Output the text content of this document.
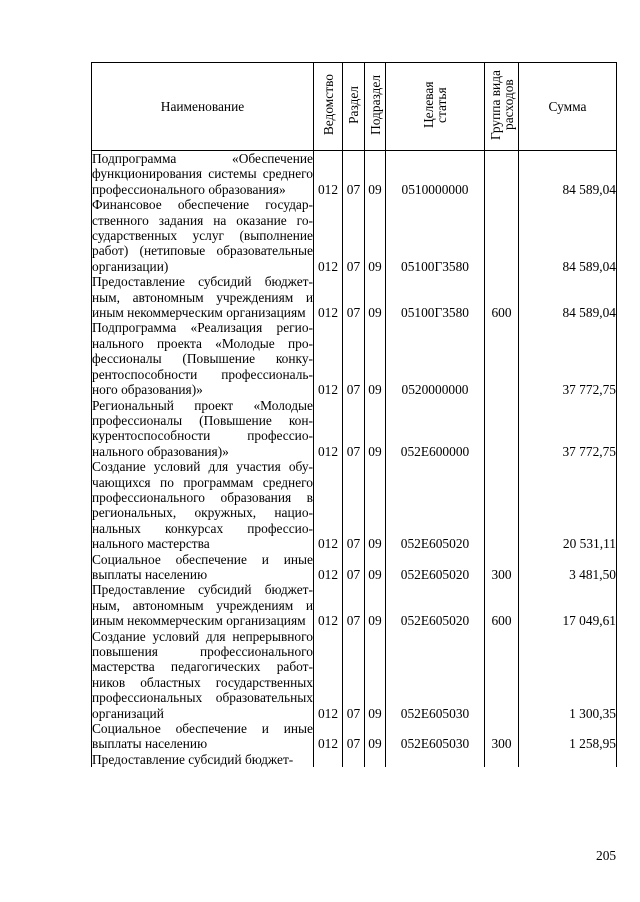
Наименование	Ведомство	Раздел	Подраздел	Целевая статья	Группа вида расходов	Сумма
Подпрограмма «Обеспечение функционирования системы среднего профессионального образования»	012	07	09	0510000000		84 589,04
Финансовое обеспечение государственного задания на оказание государственных услуг (выполнение работ) (нетиповые образовательные организации)	012	07	09	05100Г3580		84 589,04
Предоставление субсидий бюджетным, автономным учреждениям и иным некоммерческим организациям	012	07	09	05100Г3580	600	84 589,04
Подпрограмма «Реализация регионального проекта «Молодые профессионалы (Повышение конкурентоспособности профессионального образования)»	012	07	09	0520000000		37 772,75
Региональный проект «Молодые профессионалы (Повышение конкурентоспособности профессионального образования)»	012	07	09	052Е600000		37 772,75
Создание условий для участия обучающихся по программам среднего профессионального образования в региональных, окружных, национальных конкурсах профессионального мастерства	012	07	09	052Е605020		20 531,11
Социальное обеспечение и иные выплаты населению	012	07	09	052Е605020	300	3 481,50
Предоставление субсидий бюджетным, автономным учреждениям и иным некоммерческим организациям	012	07	09	052Е605020	600	17 049,61
Создание условий для непрерывного повышения профессионального мастерства педагогических работников областных государственных профессиональных образовательных организаций	012	07	09	052Е605030		1 300,35
Социальное обеспечение и иные выплаты населению	012	07	09	052Е605030	300	1 258,95
Предоставление субсидий бюджет-						
205
